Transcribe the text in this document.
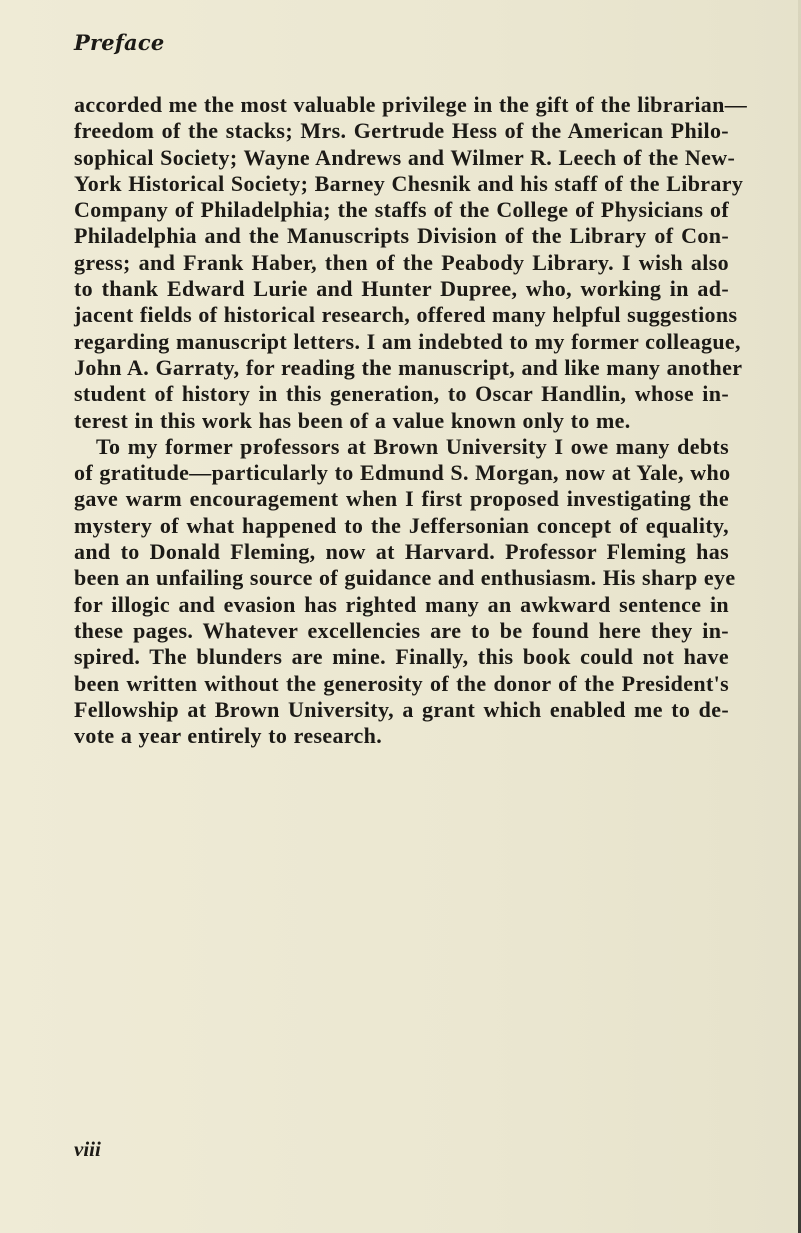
Preface
accorded me the most valuable privilege in the gift of the librarian—
freedom of the stacks; Mrs. Gertrude Hess of the American Philo-
sophical Society; Wayne Andrews and Wilmer R. Leech of the New-
York Historical Society; Barney Chesnik and his staff of the Library
Company of Philadelphia; the staffs of the College of Physicians of
Philadelphia and the Manuscripts Division of the Library of Con-
gress; and Frank Haber, then of the Peabody Library. I wish also
to thank Edward Lurie and Hunter Dupree, who, working in ad-
jacent fields of historical research, offered many helpful suggestions
regarding manuscript letters. I am indebted to my former colleague,
John A. Garraty, for reading the manuscript, and like many another
student of history in this generation, to Oscar Handlin, whose in-
terest in this work has been of a value known only to me.
To my former professors at Brown University I owe many debts
of gratitude—particularly to Edmund S. Morgan, now at Yale, who
gave warm encouragement when I first proposed investigating the
mystery of what happened to the Jeffersonian concept of equality,
and to Donald Fleming, now at Harvard. Professor Fleming has
been an unfailing source of guidance and enthusiasm. His sharp eye
for illogic and evasion has righted many an awkward sentence in
these pages. Whatever excellencies are to be found here they in-
spired. The blunders are mine. Finally, this book could not have
been written without the generosity of the donor of the President's
Fellowship at Brown University, a grant which enabled me to de-
vote a year entirely to research.
viii
